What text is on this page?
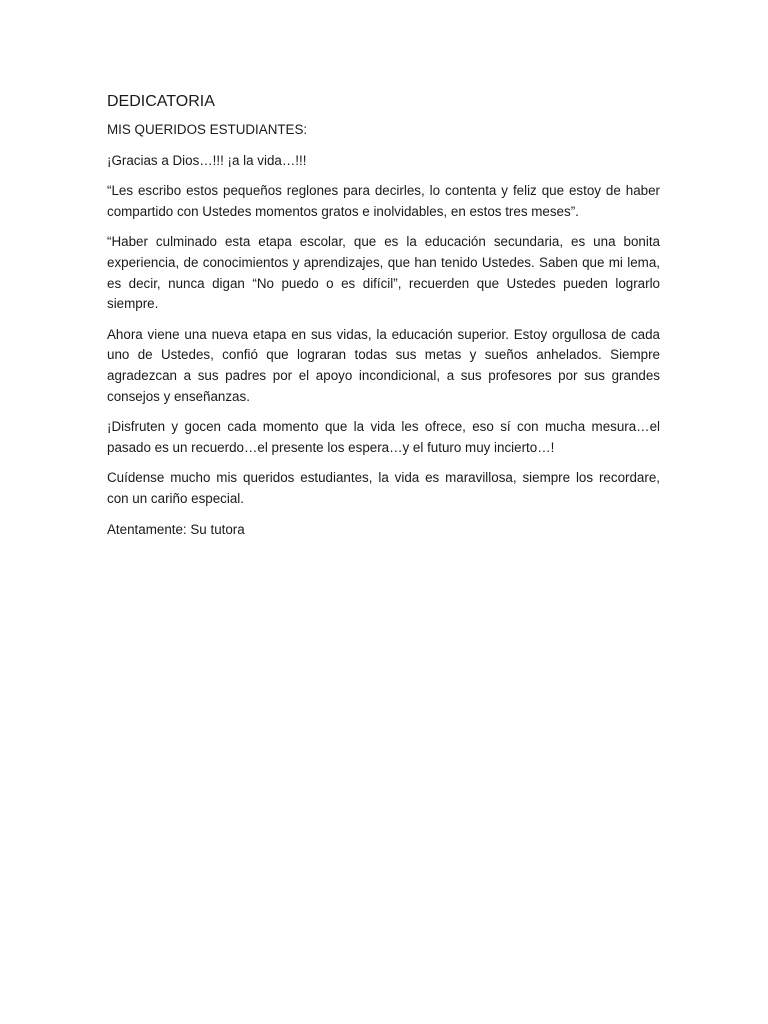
DEDICATORIA

MIS QUERIDOS ESTUDIANTES:

¡Gracias a Dios…!!! ¡a la vida…!!!

“Les escribo estos pequeños reglones para decirles, lo contenta y feliz que estoy de haber compartido con Ustedes momentos gratos e inolvidables, en estos tres meses”.

“Haber culminado esta etapa escolar, que es la educación secundaria, es una bonita experiencia, de conocimientos y aprendizajes, que han tenido Ustedes. Saben que mi lema, es decir, nunca digan “No puedo o es difícil”, recuerden que Ustedes pueden lograrlo siempre.

Ahora viene una nueva etapa en sus vidas, la educación superior. Estoy orgullosa de cada uno de Ustedes, confió que lograran todas sus metas y sueños anhelados. Siempre agradezcan a sus padres por el apoyo incondicional, a sus profesores por sus grandes consejos y enseñanzas.

¡Disfruten y gocen cada momento que la vida les ofrece, eso sí con mucha mesura…el pasado es un recuerdo…el presente los espera…y el futuro muy incierto…!

Cuídense mucho mis queridos estudiantes, la vida es maravillosa, siempre los recordare, con un cariño especial.

Atentamente: Su tutora
